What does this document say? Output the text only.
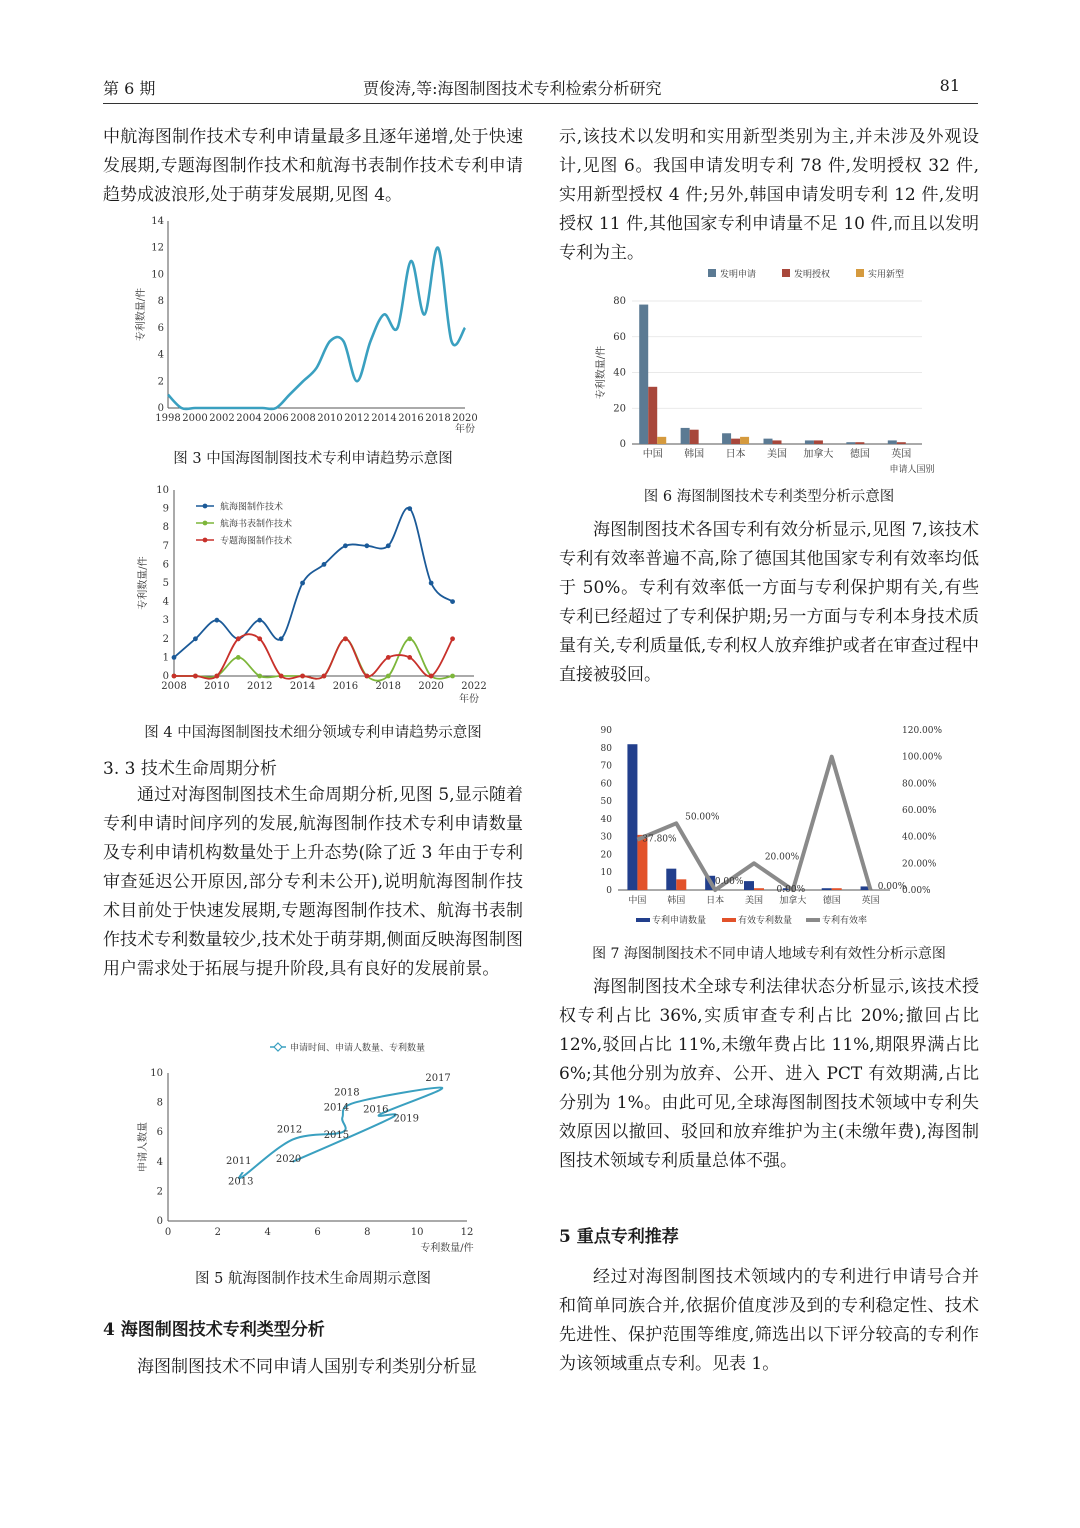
第 6 期	贾俊涛,等:海图制图技术专利检索分析研究	81

中航海图制作技术专利申请量最多且逐年递增,处于快速发展期,专题海图制作技术和航海书表制作技术专利申请趋势成波浪形,处于萌芽发展期,见图 4。

0
2
4
6
8
10
12
14
1998 2000 2002 2004 2006 2008 2010 2012 2014 2016 2018 2020
年份
专利数量/件
图 3 中国海图制图技术专利申请趋势示意图
0
1
2
3
4
5
6
7
8
9
10
2008 2010 2012 2014 2016 2018 2020 2022
年份
专利数量/件
航海图制作技术
航海书表制作技术
专题海图制作技术
图 4 中国海图制图技术细分领域专利申请趋势示意图
3. 3 技术生命周期分析

通过对海图制图技术生命周期分析,见图 5,显示随着专利申请时间序列的发展,航海图制作技术专利申请数量及专利申请机构数量处于上升态势(除了近 3 年由于专利审查延迟公开原因,部分专利未公开),说明航海图制作技术目前处于快速发展期,专题海图制作技术、航海书表制作技术专利数量较少,技术处于萌芽期,侧面反映海图制图用户需求处于拓展与提升阶段,具有良好的发展前景。

0
2
4
6
8
10
0	2	4	6	8	10	12
专利数量/件
申请人数量
申请时间、申请人数量、专利数量
2011
2012
2013
2014
2015
2016
2017
2018
2019
2020
图 5 航海图制作技术生命周期示意图
4 海图制图技术专利类型分析

海图制图技术不同申请人国别专利类别分析显

示,该技术以发明和实用新型类别为主,并未涉及外观设计,见图 6。我国申请发明专利 78 件,发明授权 32 件,实用新型授权 4 件;另外,韩国申请发明专利 12 件,发明授权 11 件,其他国家专利申请量不足 10 件,而且以发明专利为主。

发明申请	发明授权	实用新型
0
20
40
60
80
专利数量/件
中国 韩国 日本 美国 加拿大 德国 英国
申请人国别
图 6 海图制图技术专利类型分析示意图

海图制图技术各国专利有效分析显示,见图 7,该技术专利有效率普遍不高,除了德国其他国家专利有效率均低于 50%。专利有效率低一方面与专利保护期有关,有些专利已经超过了专利保护期;另一方面与专利本身技术质量有关,专利质量低,专利权人放弃维护或者在审查过程中直接被驳回。

0
10
20
30
40
50
60
70
80
90
0.00%
20.00%
40.00%
60.00%
80.00%
100.00%
120.00%
中国 韩国 日本 美国 加拿大 德国 英国
37.80%
50.00%
0.00%
20.00%
0.00%	0.00%
专利申请数量	有效专利数量	专利有效率
图 7 海图制图技术不同申请人地域专利有效性分析示意图

海图制图技术全球专利法律状态分析显示,该技术授权专利占比 36%,实质审查专利占比 20%;撤回占比 12%,驳回占比 11%,未缴年费占比 11%,期限界满占比 6%;其他分别为放弃、公开、进入 PCT 有效期满,占比分别为 1%。由此可见,全球海图制图技术领域中专利失效原因以撤回、驳回和放弃维护为主(未缴年费),海图制图技术领域专利质量总体不强。

5 重点专利推荐

经过对海图制图技术领域内的专利进行申请号合并和简单同族合并,依据价值度涉及到的专利稳定性、技术先进性、保护范围等维度,筛选出以下评分较高的专利作为该领域重点专利。见表 1。
